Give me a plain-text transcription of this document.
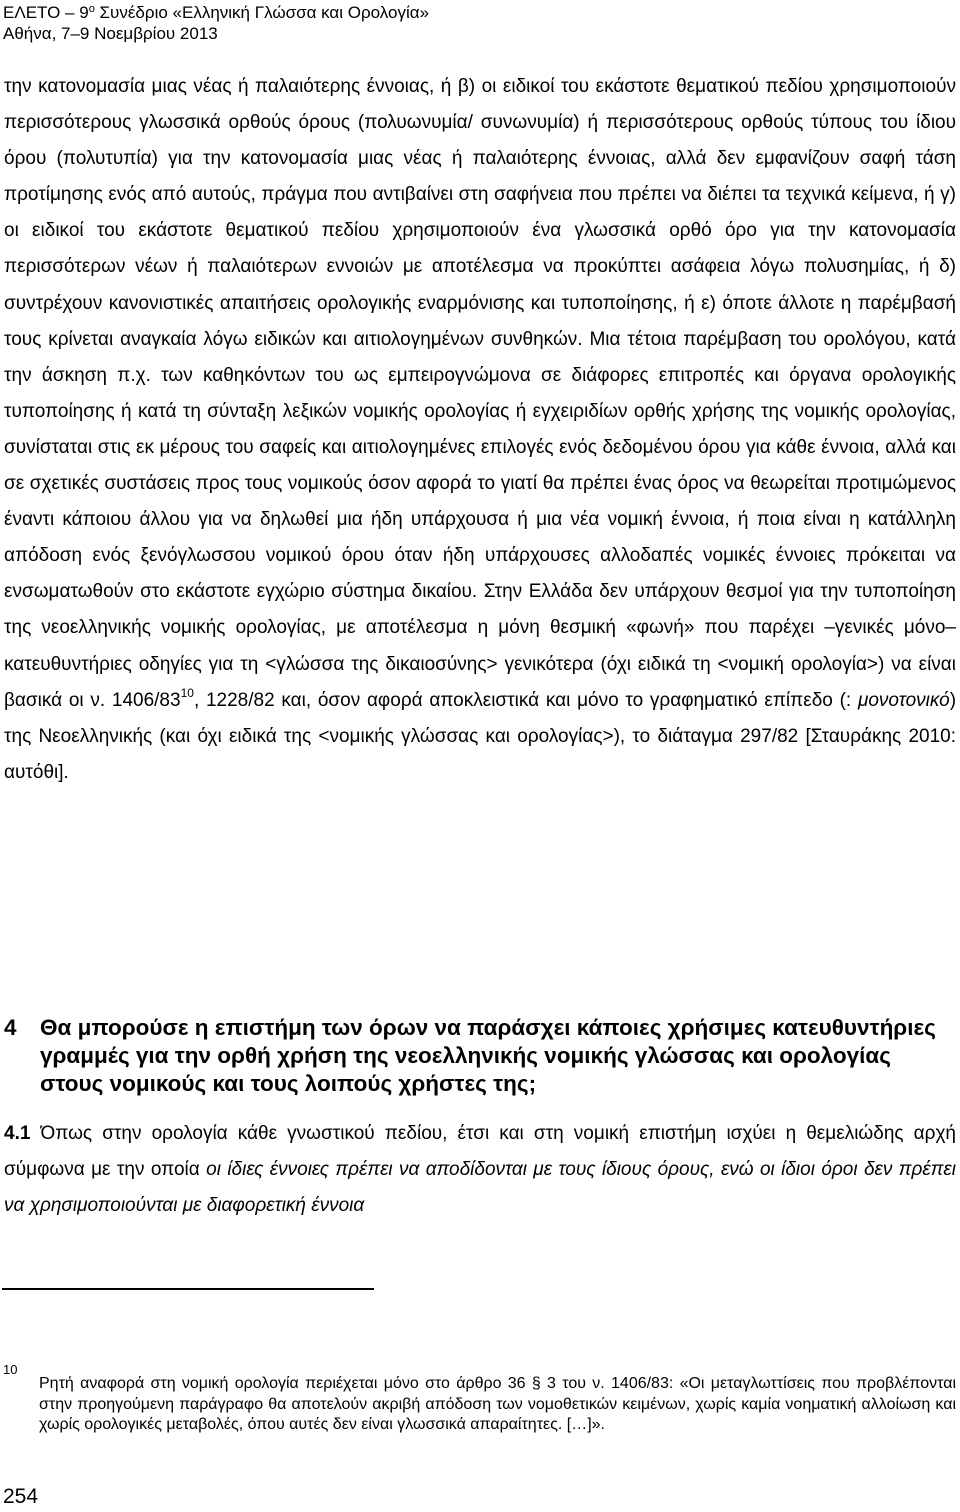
ΕΛΕΤΟ – $9^o$ Συνέδριο «Ελληνική Γλώσσα και Ορολογία»
Αθήνα, 7–9 Νοεμβρίου 2013

την κατονομασία μιας νέας ή παλαιότερης έννοιας, ή β) οι ειδικοί του εκάστοτε θεματικού πεδίου χρησιμοποιούν περισσότερους γλωσσικά ορθούς όρους (πολυωνυμία/ συνωνυμία) ή περισσότερους ορθούς τύπους του ίδιου όρου (πολυτυπία) για την κατονομασία μιας νέας ή παλαιότερης έννοιας, αλλά δεν εμφανίζουν σαφή τάση προτίμησης ενός από αυτούς, πράγμα που αντιβαίνει στη σαφήνεια που πρέπει να διέπει τα τεχνικά κείμενα, ή γ) οι ειδικοί του εκάστοτε θεματικού πεδίου χρησιμοποιούν ένα γλωσσικά ορθό όρο για την κατονομασία περισσότερων νέων ή παλαιότερων εννοιών με αποτέλεσμα να προκύπτει ασάφεια λόγω πολυσημίας, ή δ) συντρέχουν κανονιστικές απαιτήσεις ορολογικής εναρμόνισης και τυποποίησης, ή ε) όποτε άλλοτε η παρέμβασή τους κρίνεται αναγκαία λόγω ειδικών και αιτιολογημένων συνθηκών. Μια τέτοια παρέμβαση του ορολόγου, κατά την άσκηση π.χ. των καθηκόντων του ως εμπειρογνώμονα σε διάφορες επιτροπές και όργανα ορολογικής τυποποίησης ή κατά τη σύνταξη λεξικών νομικής ορολογίας ή εγχειριδίων ορθής χρήσης της νομικής ορολογίας, συνίσταται στις εκ μέρους του σαφείς και αιτιολογημένες επιλογές ενός δεδομένου όρου για κάθε έννοια, αλλά και σε σχετικές συστάσεις προς τους νομικούς όσον αφορά το γιατί θα πρέπει ένας όρος να θεωρείται προτιμώμενος έναντι κάποιου άλλου για να δηλωθεί μια ήδη υπάρχουσα ή μια νέα νομική έννοια, ή ποια είναι η κατάλληλη απόδοση ενός ξενόγλωσσου νομικού όρου όταν ήδη υπάρχουσες αλλοδαπές νομικές έννοιες πρόκειται να ενσωματωθούν στο εκάστοτε εγχώριο σύστημα δικαίου. Στην Ελλάδα δεν υπάρχουν θεσμοί για την τυποποίηση της νεοελληνικής νομικής ορολογίας, με αποτέλεσμα η μόνη θεσμική «φωνή» που παρέχει –γενικές μόνο– κατευθυντήριες οδηγίες για τη <γλώσσα της δικαιοσύνης> γενικότερα (όχι ειδικά τη <νομική ορολογία>) να είναι βασικά οι ν. $1406/83^{10}$, 1228/82 και, όσον αφορά αποκλειστικά και μόνο το γραφηματικό επίπεδο (: μονοτονικό) της Νεοελληνικής (και όχι ειδικά της <νομικής γλώσσας και ορολογίας>), το διάταγμα 297/82 [Σταυράκης 2010: αυτόθι].

4	Θα μπορούσε η επιστήμη των όρων να παράσχει κάποιες χρήσιμες κατευθυντήριες γραμμές για την ορθή χρήση της νεοελληνικής νομικής γλώσσας και ορολογίας στους νομικούς και τους λοιπούς χρήστες της;

4.1 Όπως στην ορολογία κάθε γνωστικού πεδίου, έτσι και στη νομική επιστήμη ισχύει η θεμελιώδης αρχή σύμφωνα με την οποία οι ίδιες έννοιες πρέπει να αποδίδονται με τους ίδιους όρους, ενώ οι ίδιοι όροι δεν πρέπει να χρησιμοποιούνται με διαφορετική έννοια

10
Ρητή αναφορά στη νομική ορολογία περιέχεται μόνο στο άρθρο 36 § 3 του ν. 1406/83: «Οι μεταγλωττίσεις που προβλέπονται στην προηγούμενη παράγραφο θα αποτελούν ακριβή απόδοση των νομοθετικών κειμένων, χωρίς καμία νοηματική αλλοίωση και χωρίς ορολογικές μεταβολές, όπου αυτές δεν είναι γλωσσικά απαραίτητες. […]».
254
